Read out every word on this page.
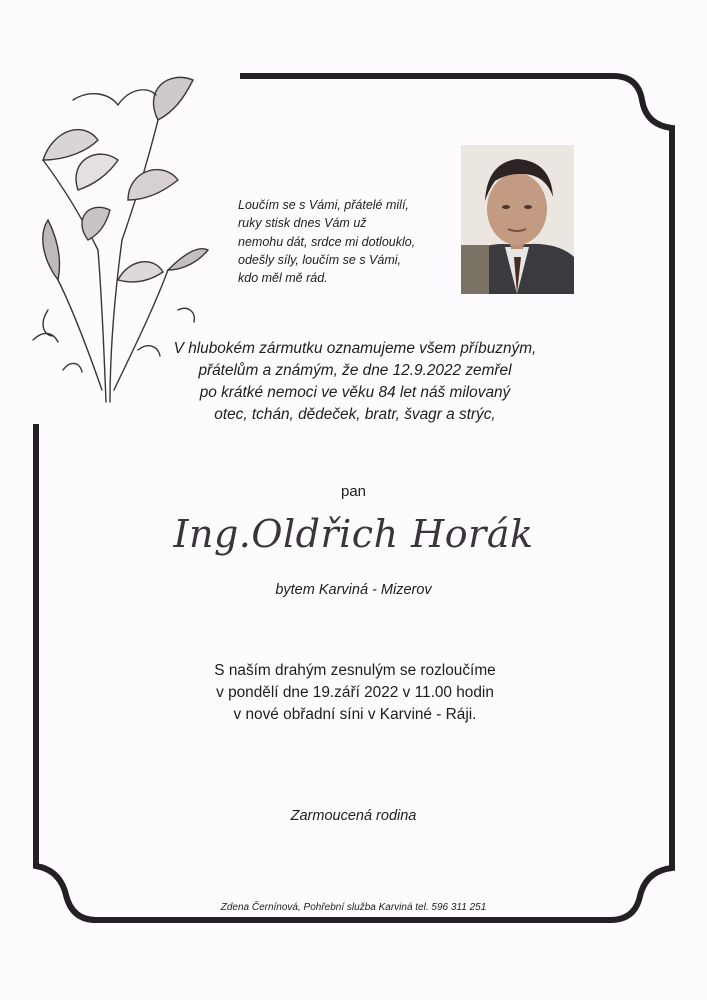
Loučím se s Vámi, přátelé milí,
ruky stisk dnes Vám už
nemohu dát, srdce mi dotlouklo,
odešly síly, loučím se s Vámi,
kdo měl mě rád.
V hlubokém zármutku oznamujeme všem příbuzným,
přátelům a známým, že dne 12.9.2022 zemřel
po krátké nemoci ve věku 84 let náš milovaný
otec, tchán, dědeček, bratr, švagr a strýc,
pan
Ing.Oldřich Horák
bytem Karviná - Mizerov
S naším drahým zesnulým se rozloučíme
v pondělí dne 19.září 2022 v 11.00 hodin
v nové obřadní síni v Karviné - Ráji.
Zarmoucená rodina
Zdena Černínová, Pohřební služba Karviná tel. 596 311 251
